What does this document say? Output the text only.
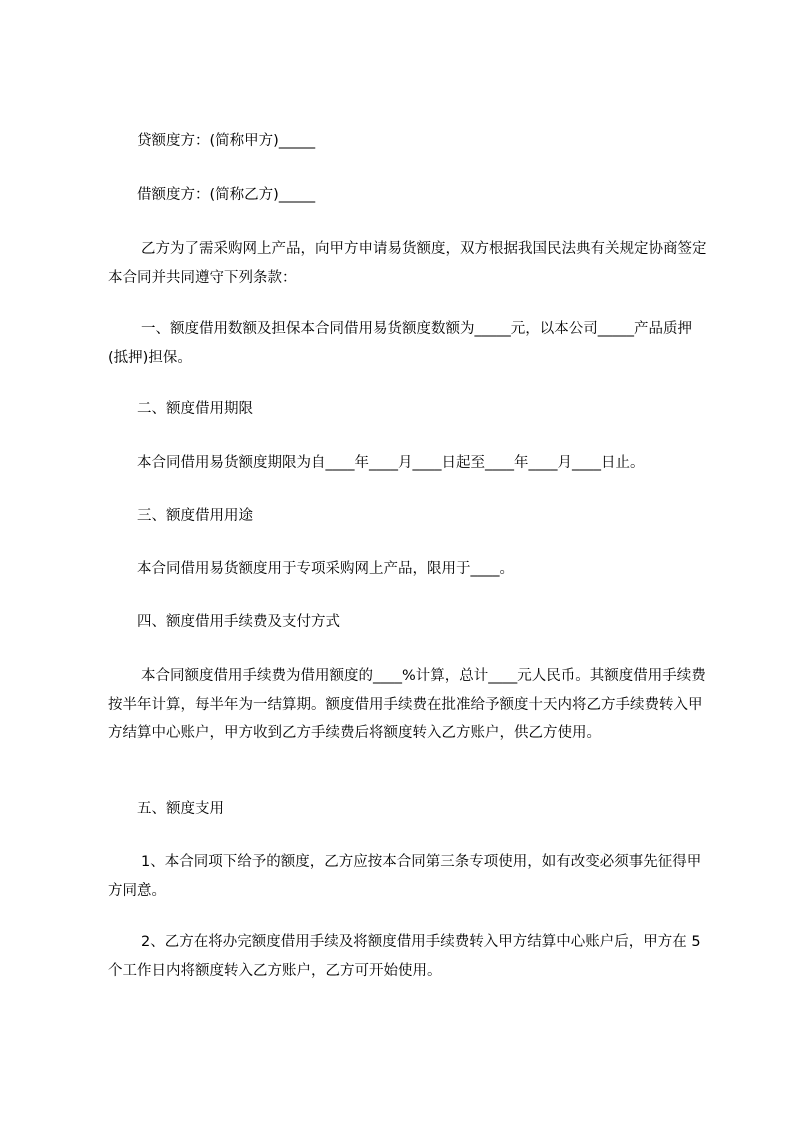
贷额度方：(简称甲方)_____

借额度方：(简称乙方)_____

乙方为了需采购网上产品，向甲方申请易货额度，双方根据我国民法典有关规定协商签定本合同并共同遵守下列条款：

一、额度借用数额及担保本合同借用易货额度数额为_____元，以本公司_____产品质押(抵押)担保。

二、额度借用期限

本合同借用易货额度期限为自____年____月____日起至____年____月____日止。

三、额度借用用途

本合同借用易货额度用于专项采购网上产品，限用于____。

四、额度借用手续费及支付方式

本合同额度借用手续费为借用额度的____%计算，总计____元人民币。其额度借用手续费按半年计算，每半年为一结算期。额度借用手续费在批准给予额度十天内将乙方手续费转入甲方结算中心账户，甲方收到乙方手续费后将额度转入乙方账户，供乙方使用。

五、额度支用

1、本合同项下给予的额度，乙方应按本合同第三条专项使用，如有改变必须事先征得甲方同意。

2、乙方在将办完额度借用手续及将额度借用手续费转入甲方结算中心账户后，甲方在 5 个工作日内将额度转入乙方账户，乙方可开始使用。
